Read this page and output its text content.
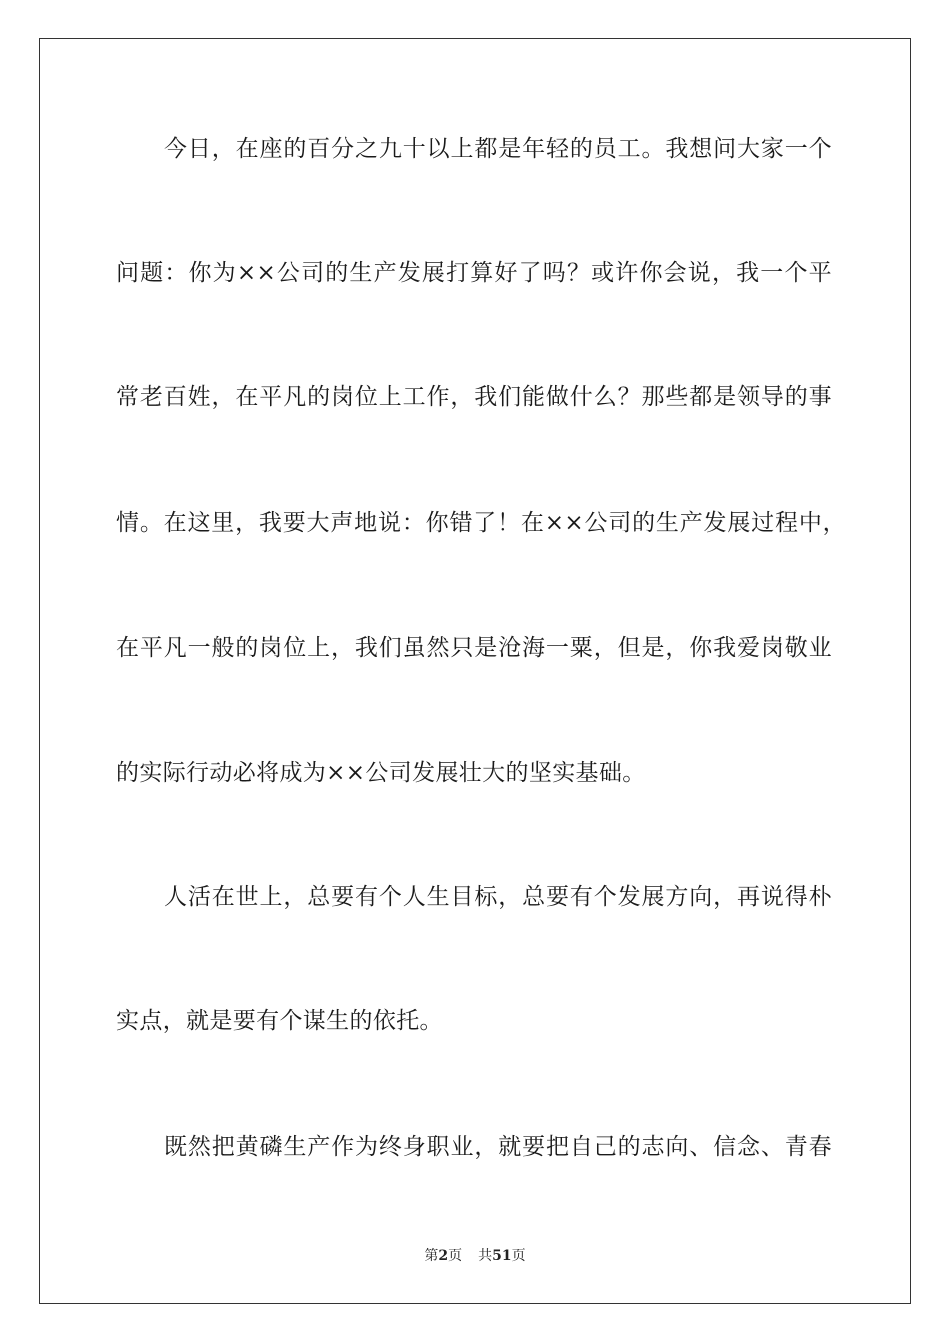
今日，在座的百分之九十以上都是年轻的员工。我想问大家一个
问题：你为××公司的生产发展打算好了吗？或许你会说，我一个平
常老百姓，在平凡的岗位上工作，我们能做什么？那些都是领导的事
情。在这里，我要大声地说：你错了！在××公司的生产发展过程中，
在平凡一般的岗位上，我们虽然只是沧海一粟，但是，你我爱岗敬业
的实际行动必将成为××公司发展壮大的坚实基础。
人活在世上，总要有个人生目标，总要有个发展方向，再说得朴
实点，就是要有个谋生的依托。
既然把黄磷生产作为终身职业，就要把自己的志向、信念、青春
第2页 共51页
